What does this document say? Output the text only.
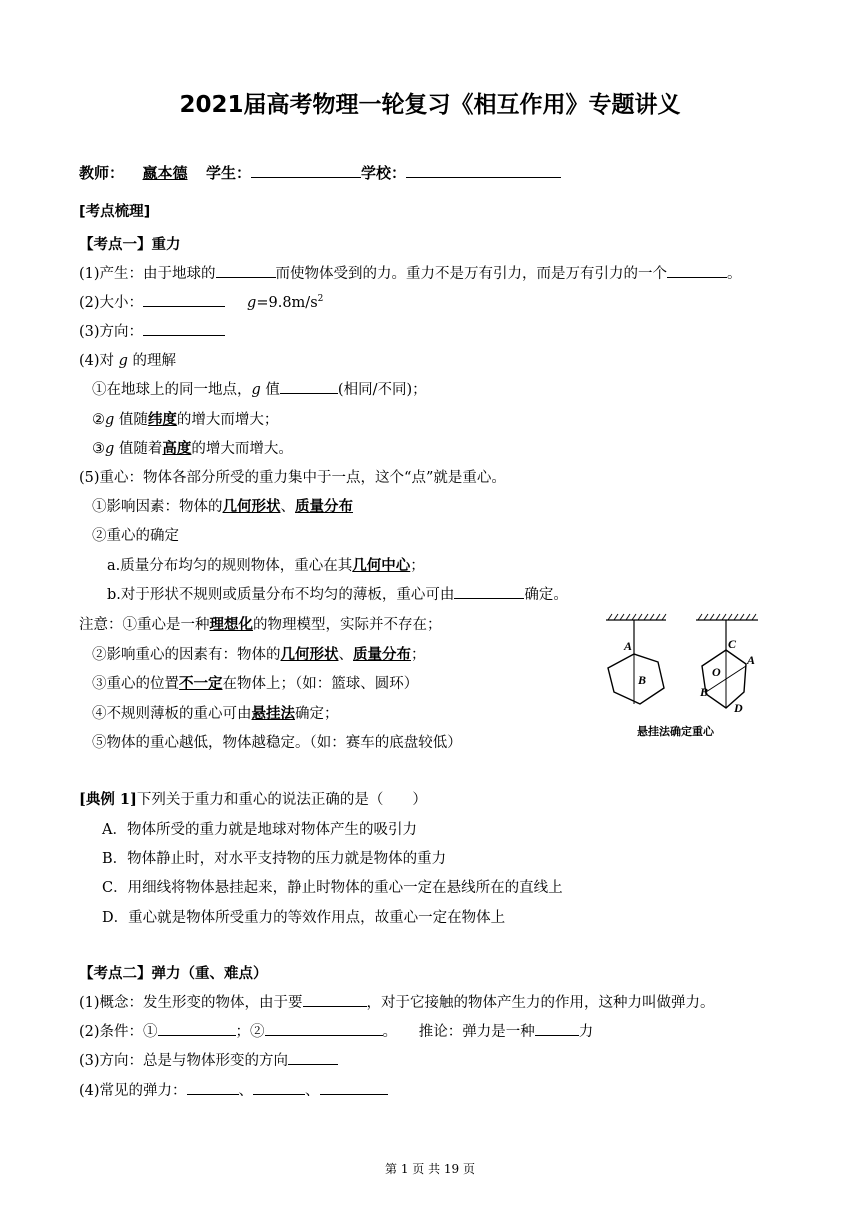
2021届高考物理一轮复习《相互作用》专题讲义
教师： 嬴本德 学生：	学校：
[考点梳理]
【考点一】重力
(1)产生：由于地球的	而使物体受到的力。重力不是万有引力，而是万有引力的一个	。
(2)大小：	$g=9.8m/s^2$
(3)方向：
(4)对 g 的理解
①在地球上的同一地点，g 值	(相同/不同)；
②g 值随纬度的增大而增大；
③g 值随着高度的增大而增大。
(5)重心：物体各部分所受的重力集中于一点，这个“点”就是重心。
①影响因素：物体的几何形状、质量分布
②重心的确定
a.质量分布均匀的规则物体，重心在其几何中心；
b.对于形状不规则或质量分布不均匀的薄板，重心可由	确定。
注意：①重心是一种理想化的物理模型，实际并不存在；
②影响重心的因素有：物体的几何形状、质量分布；
③重心的位置不一定在物体上；（如：篮球、圆环）
④不规则薄板的重心可由悬挂法确定；
⑤物体的重心越低，物体越稳定。（如：赛车的底盘较低）
A
B
C
A
O
B
D
悬挂法确定重心
[典例 1]下列关于重力和重心的说法正确的是（　　）
A．物体所受的重力就是地球对物体产生的吸引力
B．物体静止时，对水平支持物的压力就是物体的重力
C．用细线将物体悬挂起来，静止时物体的重心一定在悬线所在的直线上
D．重心就是物体所受重力的等效作用点，故重心一定在物体上
【考点二】弹力（重、难点）
(1)概念：发生形变的物体，由于要	，对于它接触的物体产生力的作用，这种力叫做弹力。
(2)条件：①	；②	。　　推论：弹力是一种	力
(3)方向：总是与物体形变的方向
(4)常见的弹力：	、	、
第 1 页 共 19 页
